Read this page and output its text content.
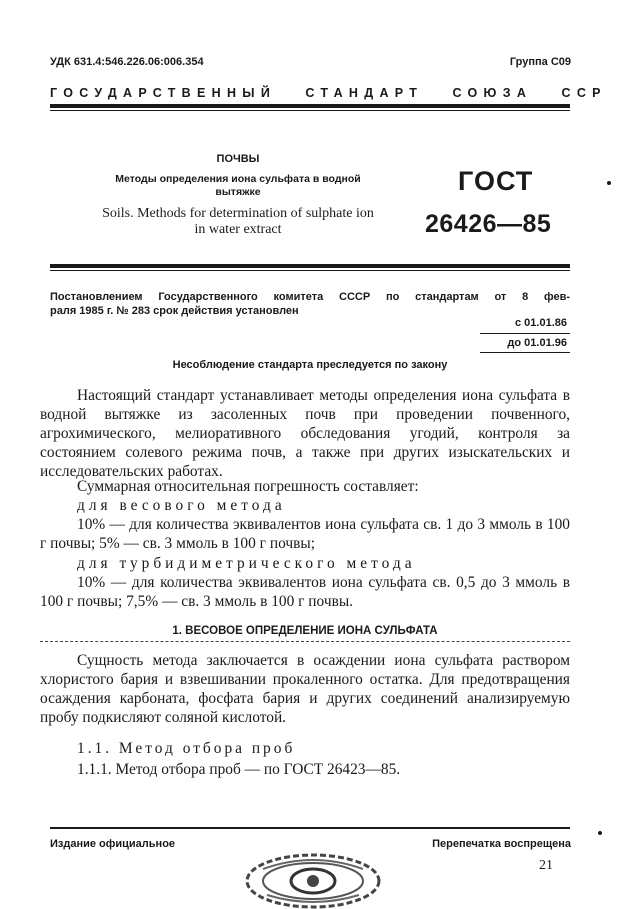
УДК 631.4:546.226.06:006.354	Группа С09
ГОСУДАРСТВЕННЫЙ   СТАНДАРТ   СОЮЗА   ССР
ПОЧВЫ
Методы определения иона сульфата в водной
вытяжке
Soils. Methods for determination of sulphate ion
in water extract
ГОСТ
26426—85
Постановлением Государственного комитета СССР по стандартам от 8 фев-
раля 1985 г. № 283 срок действия установлен
с 01.01.86
до 01.01.96
Несоблюдение стандарта преследуется по закону
Настоящий стандарт устанавливает методы определения иона сульфата в водной вытяжке из засоленных почв при проведении почвенного, агрохимического, мелиоративного обследования угодий, контроля за состоянием солевого режима почв, а также при других изыскательских и исследовательских работах.
Суммарная относительная погрешность составляет:
для весового метода
10% — для количества эквивалентов иона сульфата св. 1 до 3 ммоль в 100 г почвы; 5% — св. 3 ммоль в 100 г почвы;
для турбидиметрического метода
10% — для количества эквивалентов иона сульфата св. 0,5 до 3 ммоль в 100 г почвы; 7,5% — св. 3 ммоль в 100 г почвы.
1. ВЕСОВОЕ ОПРЕДЕЛЕНИЕ ИОНА СУЛЬФАТА
Сущность метода заключается в осаждении иона сульфата раствором хлористого бария и взвешивании прокаленного остатка. Для предотвращения осаждения карбоната, фосфата бария и других соединений анализируемую пробу подкисляют соляной кислотой.
1.1. Метод отбора проб
1.1.1. Метод отбора проб — по ГОСТ 26423—85.
Издание официальное	Перепечатка воспрещена
21
